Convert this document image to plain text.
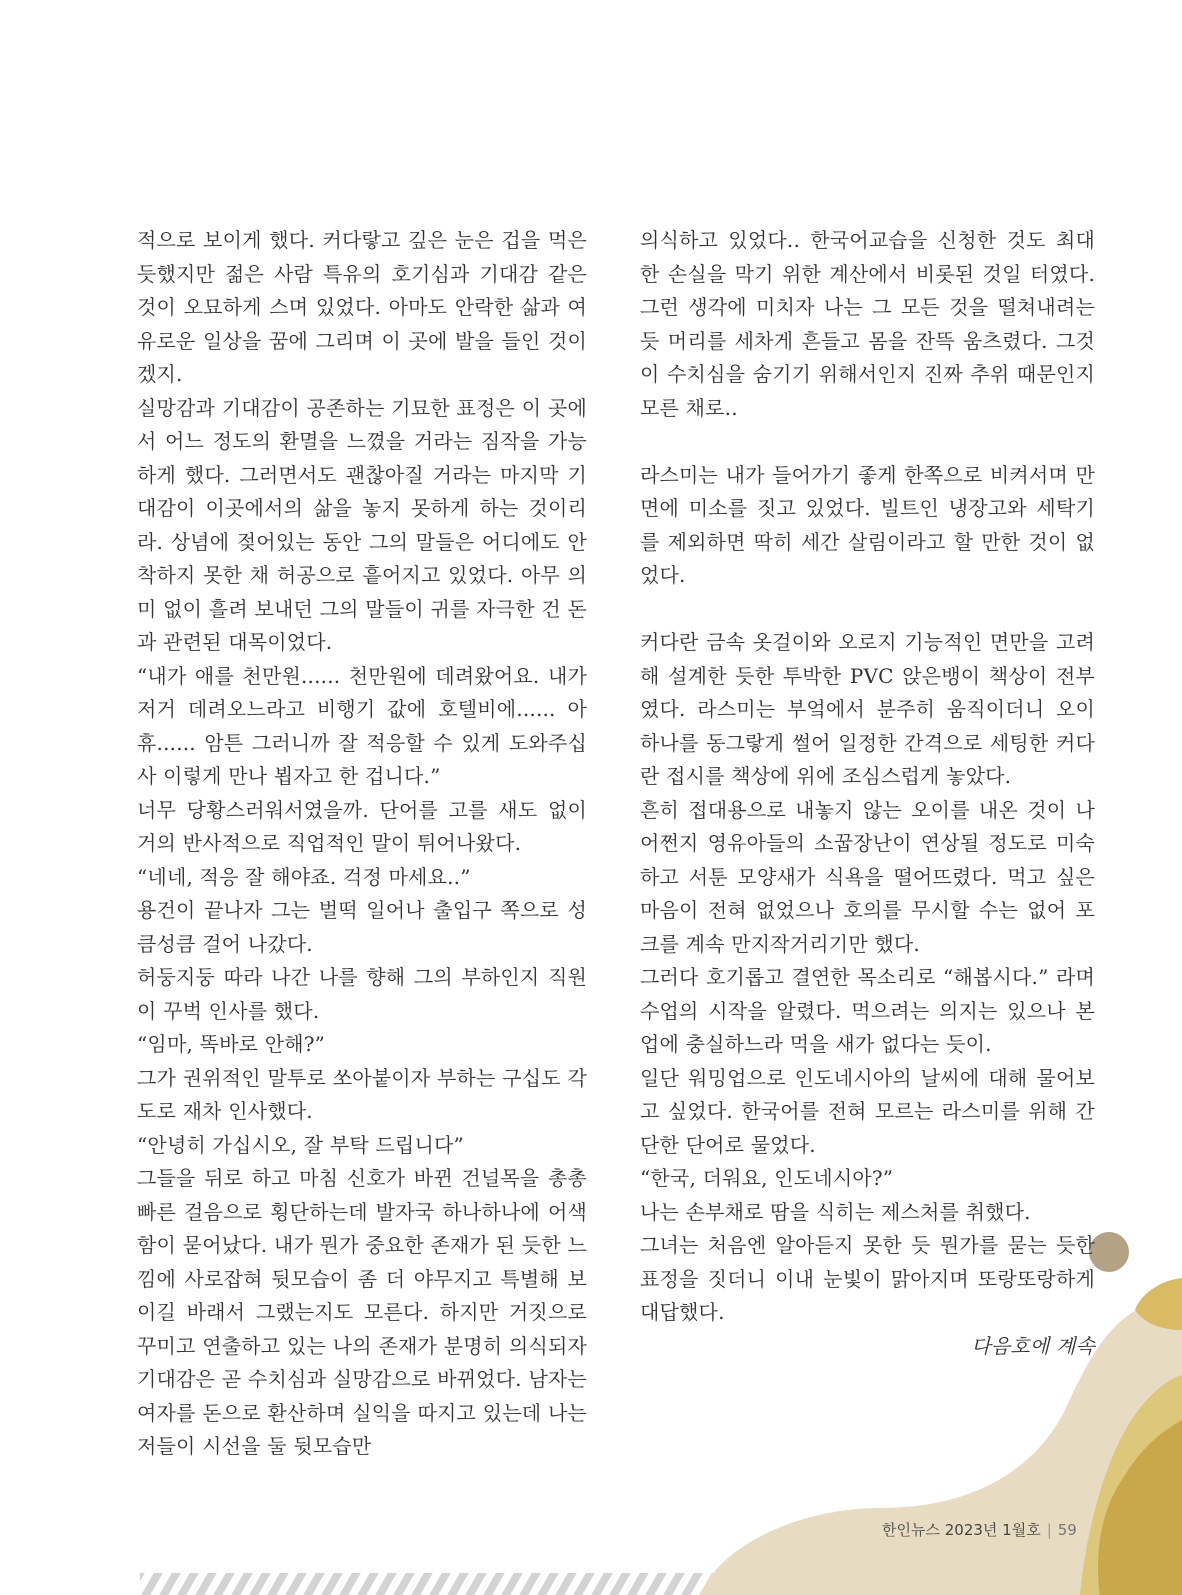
적으로 보이게 했다. 커다랗고 깊은 눈은 겁을 먹은 듯했지만 젊은 사람 특유의 호기심과 기대감 같은 것이 오묘하게 스며 있었다. 아마도 안락한 삶과 여유로운 일상을 꿈에 그리며 이 곳에 발을 들인 것이겠지.

실망감과 기대감이 공존하는 기묘한 표정은 이 곳에서 어느 정도의 환멸을 느꼈을 거라는 짐작을 가능하게 했다. 그러면서도 괜찮아질 거라는 마지막 기대감이 이곳에서의 삶을 놓지 못하게 하는 것이리라. 상념에 젖어있는 동안 그의 말들은 어디에도 안착하지 못한 채 허공으로 흩어지고 있었다. 아무 의미 없이 흘려 보내던 그의 말들이 귀를 자극한 건 돈과 관련된 대목이었다.

“내가 애를 천만원...... 천만원에 데려왔어요. 내가 저거 데려오느라고 비행기 값에 호텔비에...... 아휴...... 암튼 그러니까 잘 적응할 수 있게 도와주십사 이렇게 만나 뵙자고 한 겁니다.”

너무 당황스러워서였을까. 단어를 고를 새도 없이 거의 반사적으로 직업적인 말이 튀어나왔다.

“네네, 적응 잘 해야죠. 걱정 마세요..”

용건이 끝나자 그는 벌떡 일어나 출입구 쪽으로 성큼성큼 걸어 나갔다.

허둥지둥 따라 나간 나를 향해 그의 부하인지 직원이 꾸벅 인사를 했다.

“임마, 똑바로 안해?”

그가 권위적인 말투로 쏘아붙이자 부하는 구십도 각도로 재차 인사했다.

“안녕히 가십시오, 잘 부탁 드립니다”

그들을 뒤로 하고 마침 신호가 바뀐 건널목을 총총 빠른 걸음으로 횡단하는데 발자국 하나하나에 어색함이 묻어났다. 내가 뭔가 중요한 존재가 된 듯한 느낌에 사로잡혀 뒷모습이 좀 더 야무지고 특별해 보이길 바래서 그랬는지도 모른다. 하지만 거짓으로 꾸미고 연출하고 있는 나의 존재가 분명히 의식되자 기대감은 곧 수치심과 실망감으로 바뀌었다. 남자는 여자를 돈으로 환산하며 실익을 따지고 있는데 나는 저들이 시선을 둘 뒷모습만

의식하고 있었다.. 한국어교습을 신청한 것도 최대한 손실을 막기 위한 계산에서 비롯된 것일 터였다. 그런 생각에 미치자 나는 그 모든 것을 떨쳐내려는 듯 머리를 세차게 흔들고 몸을 잔뜩 움츠렸다. 그것이 수치심을 숨기기 위해서인지 진짜 추위 때문인지 모른 채로..

라스미는 내가 들어가기 좋게 한쪽으로 비켜서며 만면에 미소를 짓고 있었다. 빌트인 냉장고와 세탁기를 제외하면 딱히 세간 살림이라고 할 만한 것이 없었다.

커다란 금속 옷걸이와 오로지 기능적인 면만을 고려해 설계한 듯한 투박한 PVC 앉은뱅이 책상이 전부였다. 라스미는 부엌에서 분주히 움직이더니 오이 하나를 동그랗게 썰어 일정한 간격으로 세팅한 커다란 접시를 책상에 위에 조심스럽게 놓았다.

흔히 접대용으로 내놓지 않는 오이를 내온 것이 나 어쩐지 영유아들의 소꿉장난이 연상될 정도로 미숙하고 서툰 모양새가 식욕을 떨어뜨렸다. 먹고 싶은 마음이 전혀 없었으나 호의를 무시할 수는 없어 포크를 계속 만지작거리기만 했다.

그러다 호기롭고 결연한 목소리로 “해봅시다.” 라며 수업의 시작을 알렸다. 먹으려는 의지는 있으나 본업에 충실하느라 먹을 새가 없다는 듯이.

일단 워밍업으로 인도네시아의 날씨에 대해 물어보고 싶었다. 한국어를 전혀 모르는 라스미를 위해 간단한 단어로 물었다.

“한국, 더워요, 인도네시아?”

나는 손부채로 땀을 식히는 제스처를 취했다.

그녀는 처음엔 알아듣지 못한 듯 뭔가를 묻는 듯한 표정을 짓더니 이내 눈빛이 맑아지며 또랑또랑하게 대답했다.

다음호에 계속

한인뉴스 2023년 1월호 | 59
